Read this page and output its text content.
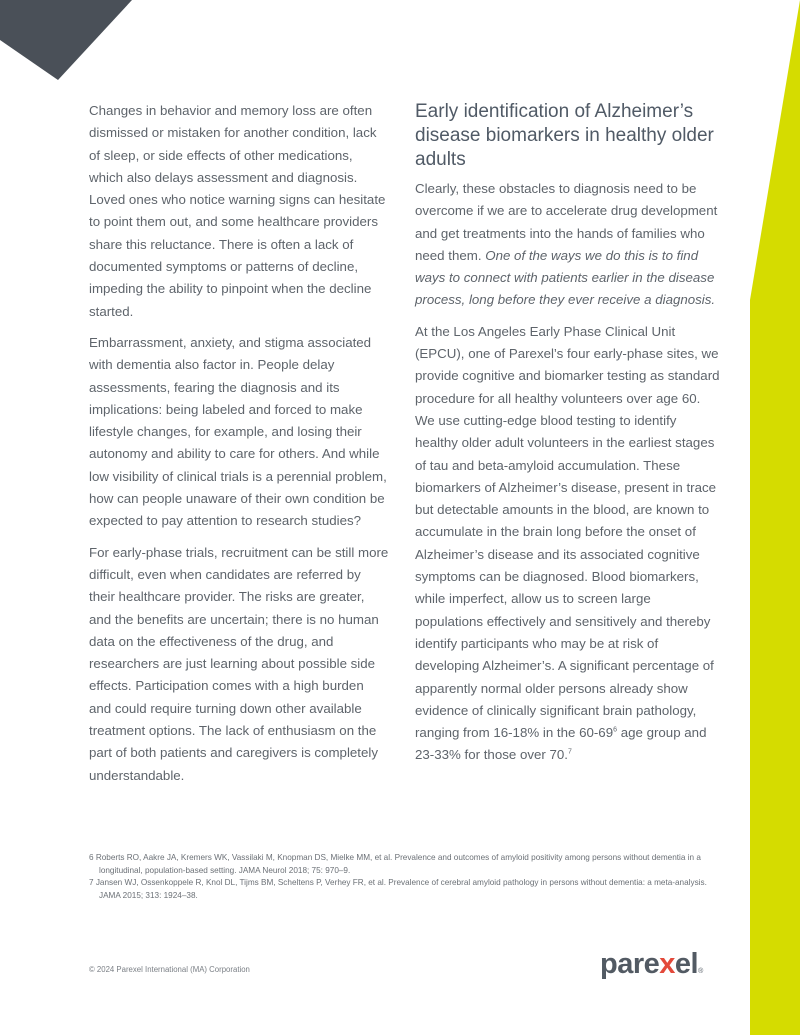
Changes in behavior and memory loss are often dismissed or mistaken for another condition, lack of sleep, or side effects of other medications, which also delays assessment and diagnosis. Loved ones who notice warning signs can hesitate to point them out, and some healthcare providers share this reluctance. There is often a lack of documented symptoms or patterns of decline, impeding the ability to pinpoint when the decline started.

Embarrassment, anxiety, and stigma associated with dementia also factor in. People delay assessments, fearing the diagnosis and its implications: being labeled and forced to make lifestyle changes, for example, and losing their autonomy and ability to care for others. And while low visibility of clinical trials is a perennial problem, how can people unaware of their own condition be expected to pay attention to research studies?

For early-phase trials, recruitment can be still more difficult, even when candidates are referred by their healthcare provider. The risks are greater, and the benefits are uncertain; there is no human data on the effectiveness of the drug, and researchers are just learning about possible side effects. Participation comes with a high burden and could require turning down other available treatment options. The lack of enthusiasm on the part of both patients and caregivers is completely understandable.

Early identification of Alzheimer’s disease biomarkers in healthy older adults

Clearly, these obstacles to diagnosis need to be overcome if we are to accelerate drug development and get treatments into the hands of families who need them. One of the ways we do this is to find ways to connect with patients earlier in the disease process, long before they ever receive a diagnosis.

At the Los Angeles Early Phase Clinical Unit (EPCU), one of Parexel’s four early-phase sites, we provide cognitive and biomarker testing as standard procedure for all healthy volunteers over age 60. We use cutting-edge blood testing to identify healthy older adult volunteers in the earliest stages of tau and beta-amyloid accumulation. These biomarkers of Alzheimer’s disease, present in trace but detectable amounts in the blood, are known to accumulate in the brain long before the onset of Alzheimer’s disease and its associated cognitive symptoms can be diagnosed. Blood biomarkers, while imperfect, allow us to screen large populations effectively and sensitively and thereby identify participants who may be at risk of developing Alzheimer’s. A significant percentage of apparently normal older persons already show evidence of clinically significant brain pathology, ranging from 16-18% in the $60-69^6$ age group and 23-33% for those over 70.$^7$

6 Roberts RO, Aakre JA, Kremers WK, Vassilaki M, Knopman DS, Mielke MM, et al. Prevalence and outcomes of amyloid positivity among persons without dementia in a longitudinal, population-based setting. JAMA Neurol 2018; 75: 970–9.

7 Jansen WJ, Ossenkoppele R, Knol DL, Tijms BM, Scheltens P, Verhey FR, et al. Prevalence of cerebral amyloid pathology in persons without dementia: a meta-analysis. JAMA 2015; 313: 1924–38.

© 2024 Parexel International (MA) Corporation	parexel®
